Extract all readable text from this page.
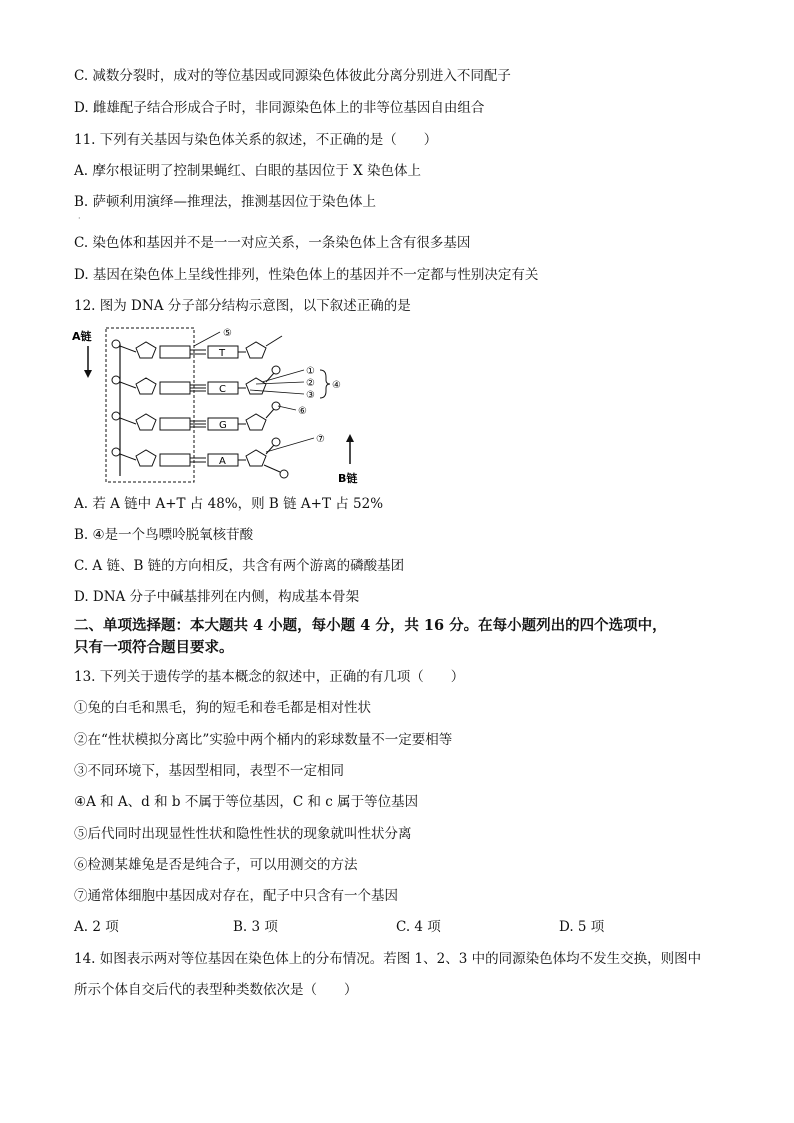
C. 减数分裂时，成对的等位基因或同源染色体彼此分离分别进入不同配子
D. 雌雄配子结合形成合子时，非同源染色体上的非等位基因自由组合
11. 下列有关基因与染色体关系的叙述，不正确的是（　　）
A. 摩尔根证明了控制果蝇红、白眼的基因位于 X 染色体上
B. 萨顿利用演绎—推理法，推测基因位于染色体上
·
C. 染色体和基因并不是一一对应关系，一条染色体上含有很多基因
D. 基因在染色体上呈线性排列，性染色体上的基因并不一定都与性别决定有关
12. 图为 DNA 分子部分结构示意图，以下叙述正确的是
A链
T
C
G
A
⑤
①
②
③
④
⑥
⑦
B链
A. 若 A 链中 A+T 占 48%，则 B 链 A+T 占 52%
B. ④是一个鸟嘌呤脱氧核苷酸
C. A 链、B 链的方向相反，共含有两个游离的磷酸基团
D. DNA 分子中碱基排列在内侧，构成基本骨架
二、单项选择题：本大题共 4 小题，每小题 4 分，共 16 分。在每小题列出的四个选项中，
只有一项符合题目要求。
13. 下列关于遗传学的基本概念的叙述中，正确的有几项（　　）
①兔的白毛和黑毛，狗的短毛和卷毛都是相对性状
②在“性状模拟分离比”实验中两个桶内的彩球数量不一定要相等
③不同环境下，基因型相同，表型不一定相同
④A 和 A、d 和 b 不属于等位基因，C 和 c 属于等位基因
⑤后代同时出现显性性状和隐性性状的现象就叫性状分离
⑥检测某雄兔是否是纯合子，可以用测交的方法
⑦通常体细胞中基因成对存在，配子中只含有一个基因
A. 2 项	B. 3 项	C. 4 项	D. 5 项
14. 如图表示两对等位基因在染色体上的分布情况。若图 1、2、3 中的同源染色体均不发生交换，则图中
所示个体自交后代的表型种类数依次是（　　）
